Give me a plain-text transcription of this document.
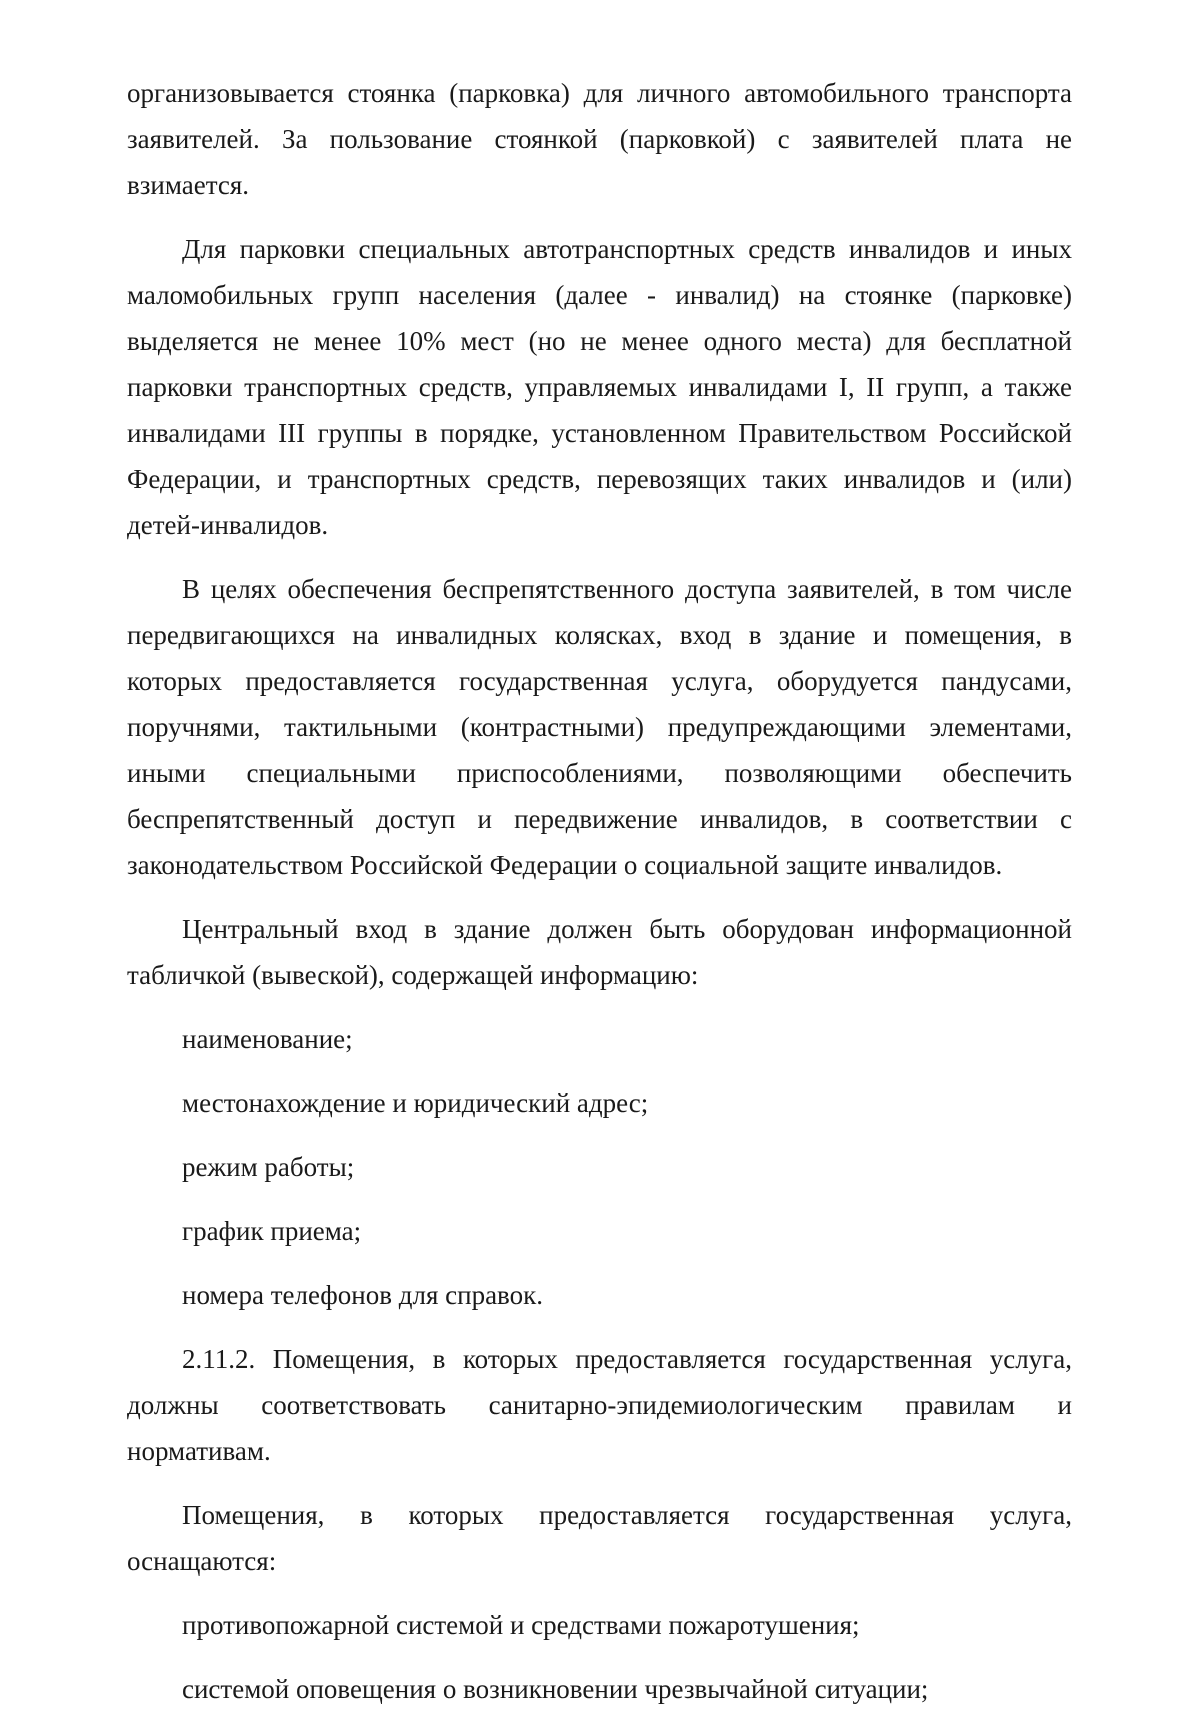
организовывается стоянка (парковка) для личного автомобильного транспорта заявителей. За пользование стоянкой (парковкой) с заявителей плата не взимается.

Для парковки специальных автотранспортных средств инвалидов и иных маломобильных групп населения (далее - инвалид) на стоянке (парковке) выделяется не менее 10% мест (но не менее одного места) для бесплатной парковки транспортных средств, управляемых инвалидами I, II групп, а также инвалидами III группы в порядке, установленном Правительством Российской Федерации, и транспортных средств, перевозящих таких инвалидов и (или) детей-инвалидов.

В целях обеспечения беспрепятственного доступа заявителей, в том числе передвигающихся на инвалидных колясках, вход в здание и помещения, в которых предоставляется государственная услуга, оборудуется пандусами, поручнями, тактильными (контрастными) предупреждающими элементами, иными специальными приспособлениями, позволяющими обеспечить беспрепятственный доступ и передвижение инвалидов, в соответствии с законодательством Российской Федерации о социальной защите инвалидов.

Центральный вход в здание должен быть оборудован информационной табличкой (вывеской), содержащей информацию:

наименование;
местонахождение и юридический адрес;
режим работы;
график приема;
номера телефонов для справок.

2.11.2. Помещения, в которых предоставляется государственная услуга, должны соответствовать санитарно-эпидемиологическим правилам и нормативам.

Помещения, в которых предоставляется государственная услуга, оснащаются:

противопожарной системой и средствами пожаротушения;
системой оповещения о возникновении чрезвычайной ситуации;
